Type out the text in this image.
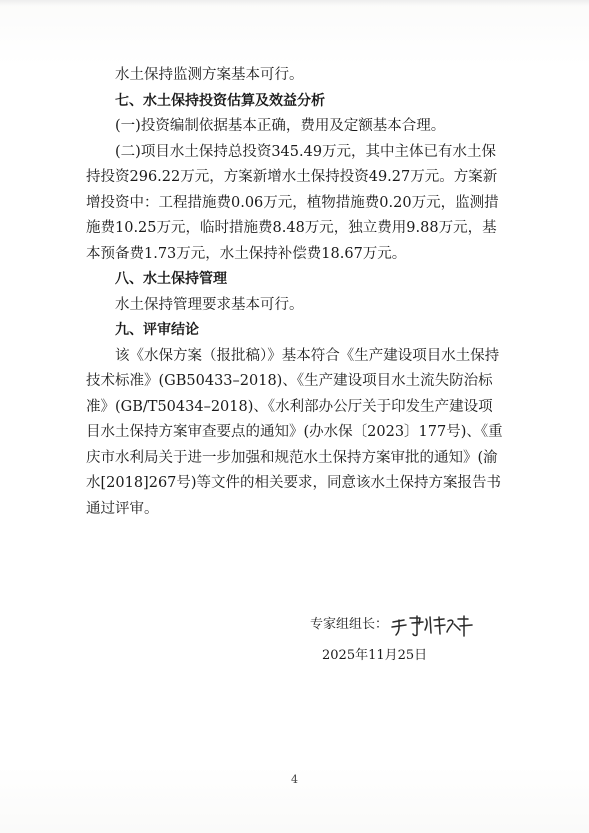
水土保持监测方案基本可行。

七、水土保持投资估算及效益分析

(一)投资编制依据基本正确，费用及定额基本合理。

(二)项目水土保持总投资345.49万元，其中主体已有水土保持投资296.22万元，方案新增水土保持投资49.27万元。方案新增投资中：工程措施费0.06万元，植物措施费0.20万元，监测措施费10.25万元，临时措施费8.48万元，独立费用9.88万元，基本预备费1.73万元，水土保持补偿费18.67万元。

八、水土保持管理

水土保持管理要求基本可行。

九、评审结论

该《水保方案（报批稿）》基本符合《生产建设项目水土保持技术标准》(GB50433–2018)、《生产建设项目水土流失防治标准》(GB/T50434–2018)、《水利部办公厅关于印发生产建设项目水土保持方案审查要点的通知》(办水保〔2023〕177号)、《重庆市水利局关于进一步加强和规范水土保持方案审批的通知》(渝水[2018]267号)等文件的相关要求，同意该水土保持方案报告书通过评审。

专家组组长：
2025年11月25日
4
